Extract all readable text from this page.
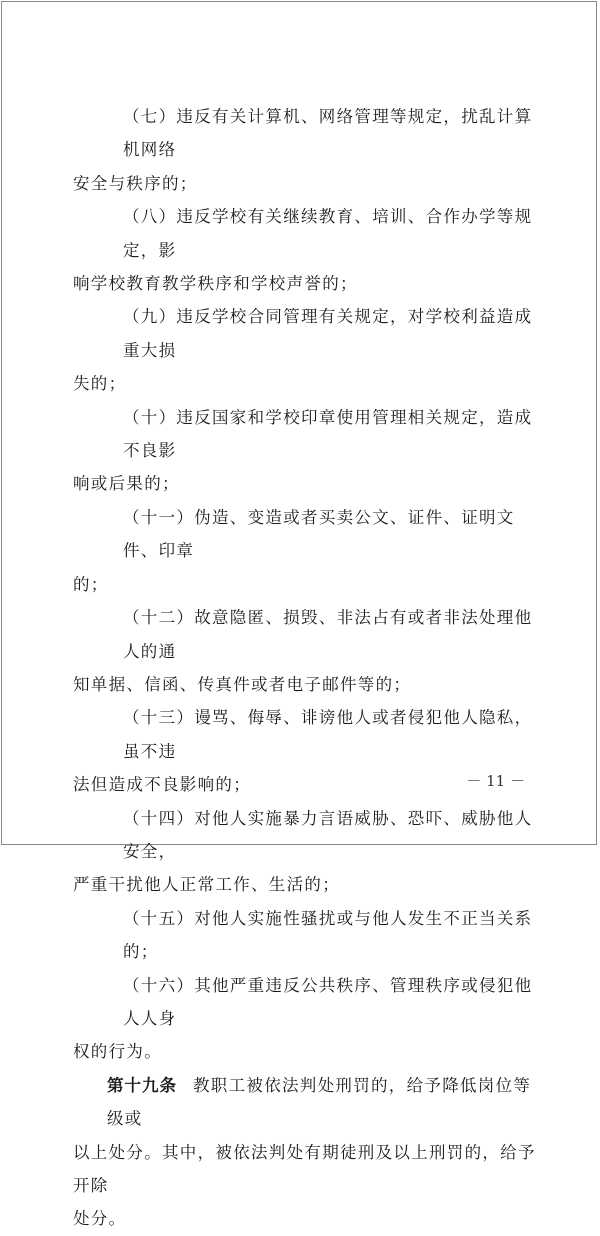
（七）违反有关计算机、网络管理等规定，扰乱计算机网络
安全与秩序的；
（八）违反学校有关继续教育、培训、合作办学等规定，影
响学校教育教学秩序和学校声誉的；
（九）违反学校合同管理有关规定，对学校利益造成重大损
失的；
（十）违反国家和学校印章使用管理相关规定，造成不良影
响或后果的；
（十一）伪造、变造或者买卖公文、证件、证明文件、印章
的；
（十二）故意隐匿、损毁、非法占有或者非法处理他人的通
知单据、信函、传真件或者电子邮件等的；
（十三）谩骂、侮辱、诽谤他人或者侵犯他人隐私，虽不违
法但造成不良影响的；
（十四）对他人实施暴力言语威胁、恐吓、威胁他人安全，
严重干扰他人正常工作、生活的；
（十五）对他人实施性骚扰或与他人发生不正当关系的；
（十六）其他严重违反公共秩序、管理秩序或侵犯他人人身
权的行为。
第十九条 教职工被依法判处刑罚的，给予降低岗位等级或
以上处分。其中，被依法判处有期徒刑及以上刑罚的，给予开除
处分。
－ 11 －
